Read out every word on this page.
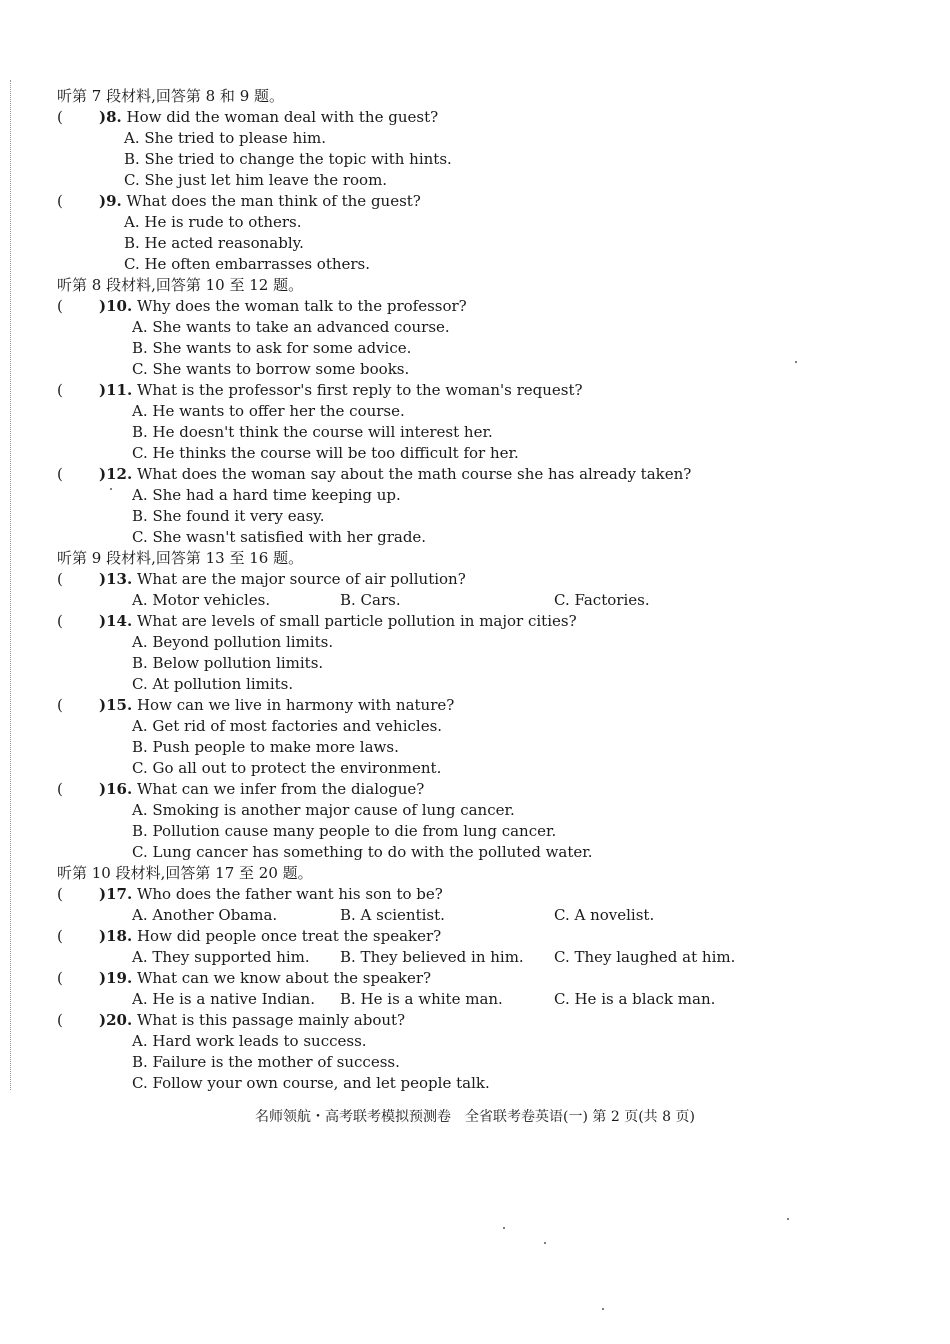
听第 7 段材料,回答第 8 和 9 题。
( )8. How did the woman deal with the guest?
A. She tried to please him.
B. She tried to change the topic with hints.
C. She just let him leave the room.
( )9. What does the man think of the guest?
A. He is rude to others.
B. He acted reasonably.
C. He often embarrasses others.
听第 8 段材料,回答第 10 至 12 题。
( )10. Why does the woman talk to the professor?
A. She wants to take an advanced course.
B. She wants to ask for some advice.
C. She wants to borrow some books.
( )11. What is the professor's first reply to the woman's request?
A. He wants to offer her the course.
B. He doesn't think the course will interest her.
C. He thinks the course will be too difficult for her.
( )12. What does the woman say about the math course she has already taken?
A. She had a hard time keeping up.
B. She found it very easy.
C. She wasn't satisfied with her grade.
听第 9 段材料,回答第 13 至 16 题。
( )13. What are the major source of air pollution?
A. Motor vehicles.	B. Cars.	C. Factories.
( )14. What are levels of small particle pollution in major cities?
A. Beyond pollution limits.
B. Below pollution limits.
C. At pollution limits.
( )15. How can we live in harmony with nature?
A. Get rid of most factories and vehicles.
B. Push people to make more laws.
C. Go all out to protect the environment.
( )16. What can we infer from the dialogue?
A. Smoking is another major cause of lung cancer.
B. Pollution cause many people to die from lung cancer.
C. Lung cancer has something to do with the polluted water.
听第 10 段材料,回答第 17 至 20 题。
( )17. Who does the father want his son to be?
A. Another Obama.	B. A scientist.	C. A novelist.
( )18. How did people once treat the speaker?
A. They supported him. B. They believed in him. C. They laughed at him.
( )19. What can we know about the speaker?
A. He is a native Indian. B. He is a white man.	C. He is a black man.
( )20. What is this passage mainly about?
A. Hard work leads to success.
B. Failure is the mother of success.
C. Follow your own course, and let people talk.
名师领航・高考联考模拟预测卷　全省联考卷英语(一) 第 2 页(共 8 页)
